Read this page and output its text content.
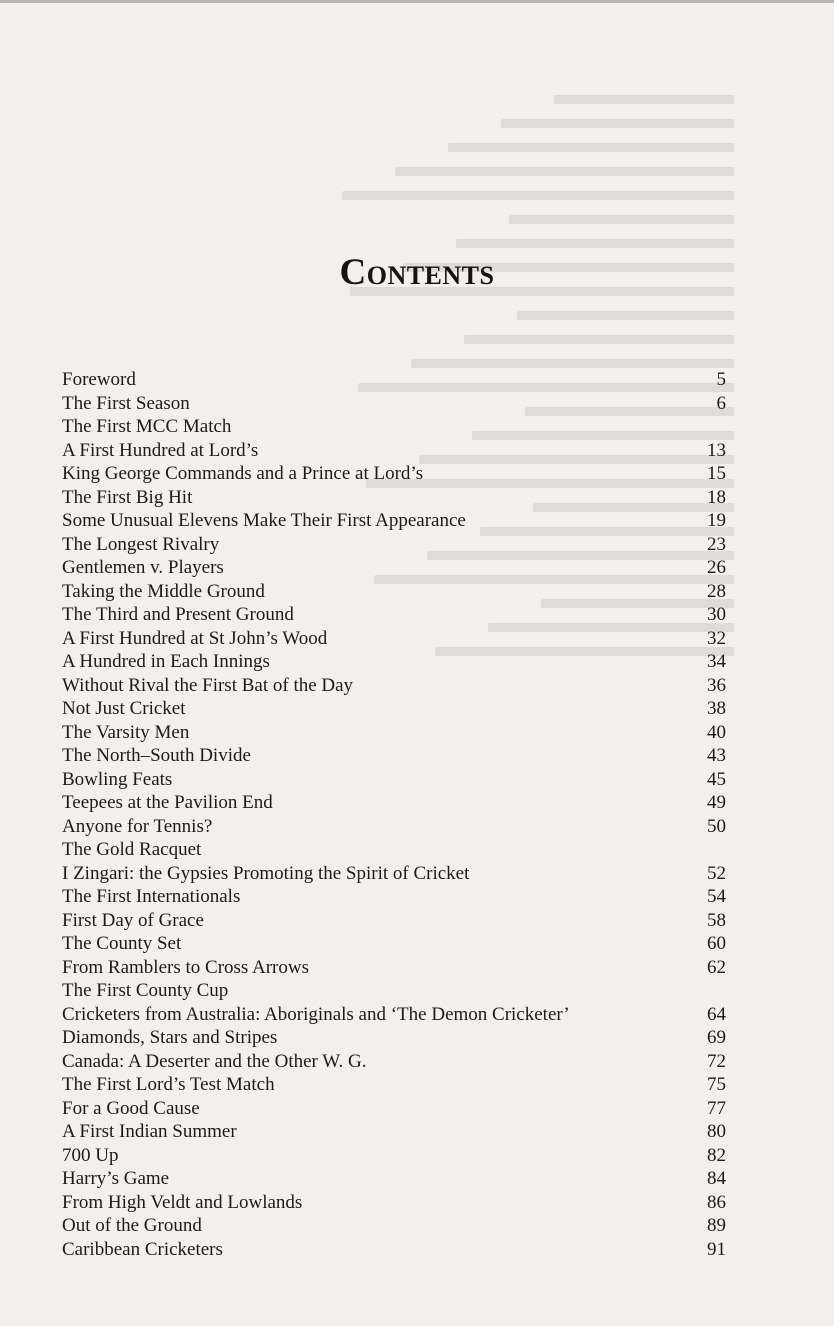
Contents
Foreword	5
The First Season	6
The First MCC Match
A First Hundred at Lord’s	13
King George Commands and a Prince at Lord’s	15
The First Big Hit	18
Some Unusual Elevens Make Their First Appearance	19
The Longest Rivalry	23
Gentlemen v. Players	26
Taking the Middle Ground	28
The Third and Present Ground	30
A First Hundred at St John’s Wood	32
A Hundred in Each Innings	34
Without Rival the First Bat of the Day	36
Not Just Cricket	38
The Varsity Men	40
The North–South Divide	43
Bowling Feats	45
Teepees at the Pavilion End	49
Anyone for Tennis?	50
The Gold Racquet
I Zingari: the Gypsies Promoting the Spirit of Cricket	52
The First Internationals	54
First Day of Grace	58
The County Set	60
From Ramblers to Cross Arrows	62
The First County Cup
Cricketers from Australia: Aboriginals and ‘The Demon Cricketer’	64
Diamonds, Stars and Stripes	69
Canada: A Deserter and the Other W. G.	72
The First Lord’s Test Match	75
For a Good Cause	77
A First Indian Summer	80
700 Up	82
Harry’s Game	84
From High Veldt and Lowlands	86
Out of the Ground	89
Caribbean Cricketers	91
